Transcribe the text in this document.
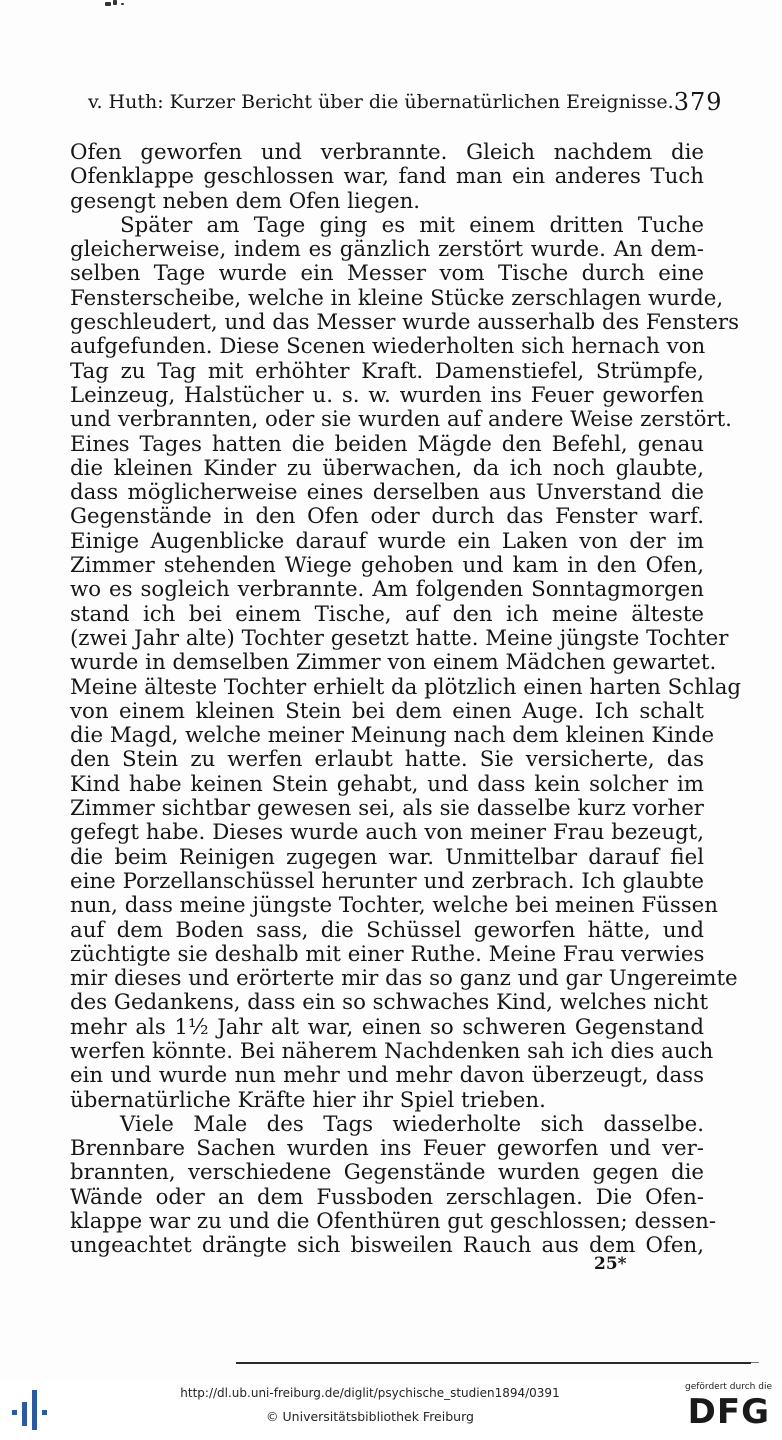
v. Huth: Kurzer Bericht über die übernatürlichen Ereignisse. 379
Ofen geworfen und verbrannte. Gleich nachdem die
Ofenklappe geschlossen war, fand man ein anderes Tuch
gesengt neben dem Ofen liegen.
Später am Tage ging es mit einem dritten Tuche
gleicherweise, indem es gänzlich zerstört wurde. An dem-
selben Tage wurde ein Messer vom Tische durch eine
Fensterscheibe, welche in kleine Stücke zerschlagen wurde,
geschleudert, und das Messer wurde ausserhalb des Fensters
aufgefunden. Diese Scenen wiederholten sich hernach von
Tag zu Tag mit erhöhter Kraft. Damenstiefel, Strümpfe,
Leinzeug, Halstücher u. s. w. wurden ins Feuer geworfen
und verbrannten, oder sie wurden auf andere Weise zerstört.
Eines Tages hatten die beiden Mägde den Befehl, genau
die kleinen Kinder zu überwachen, da ich noch glaubte,
dass möglicherweise eines derselben aus Unverstand die
Gegenstände in den Ofen oder durch das Fenster warf.
Einige Augenblicke darauf wurde ein Laken von der im
Zimmer stehenden Wiege gehoben und kam in den Ofen,
wo es sogleich verbrannte. Am folgenden Sonntagmorgen
stand ich bei einem Tische, auf den ich meine älteste
(zwei Jahr alte) Tochter gesetzt hatte. Meine jüngste Tochter
wurde in demselben Zimmer von einem Mädchen gewartet.
Meine älteste Tochter erhielt da plötzlich einen harten Schlag
von einem kleinen Stein bei dem einen Auge. Ich schalt
die Magd, welche meiner Meinung nach dem kleinen Kinde
den Stein zu werfen erlaubt hatte. Sie versicherte, das
Kind habe keinen Stein gehabt, und dass kein solcher im
Zimmer sichtbar gewesen sei, als sie dasselbe kurz vorher
gefegt habe. Dieses wurde auch von meiner Frau bezeugt,
die beim Reinigen zugegen war. Unmittelbar darauf fiel
eine Porzellanschüssel herunter und zerbrach. Ich glaubte
nun, dass meine jüngste Tochter, welche bei meinen Füssen
auf dem Boden sass, die Schüssel geworfen hätte, und
züchtigte sie deshalb mit einer Ruthe. Meine Frau verwies
mir dieses und erörterte mir das so ganz und gar Ungereimte
des Gedankens, dass ein so schwaches Kind, welches nicht
mehr als 1½ Jahr alt war, einen so schweren Gegenstand
werfen könnte. Bei näherem Nachdenken sah ich dies auch
ein und wurde nun mehr und mehr davon überzeugt, dass
übernatürliche Kräfte hier ihr Spiel trieben.
Viele Male des Tags wiederholte sich dasselbe.
Brennbare Sachen wurden ins Feuer geworfen und ver-
brannten, verschiedene Gegenstände wurden gegen die
Wände oder an dem Fussboden zerschlagen. Die Ofen-
klappe war zu und die Ofenthüren gut geschlossen; dessen-
ungeachtet drängte sich bisweilen Rauch aus dem Ofen,
25*
http://dl.ub.uni-freiburg.de/diglit/psychische_studien1894/0391
© Universitätsbibliothek Freiburg
gefördert durch die
DFG
